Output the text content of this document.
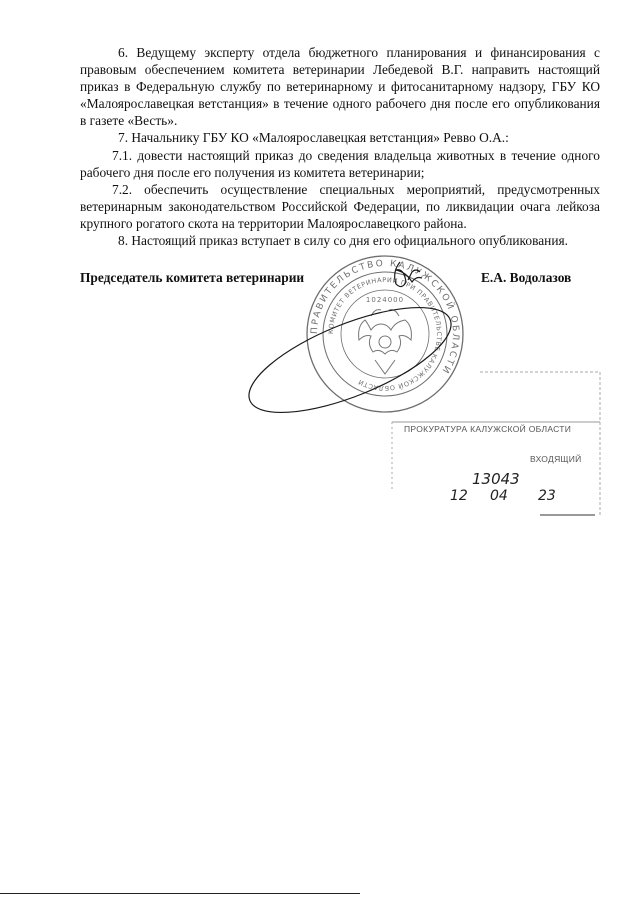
6. Ведущему эксперту отдела бюджетного планирования и финансирования с правовым обеспечением комитета ветеринарии Лебедевой В.Г. направить настоящий приказ в Федеральную службу по ветеринарному и фитосанитарному надзору, ГБУ КО «Малоярославецкая ветстанция» в течение одного рабочего дня после его опубликования в газете «Весть».

7. Начальнику ГБУ КО «Малоярославецкая ветстанция» Ревво О.А.:

7.1. довести настоящий приказ до сведения владельца животных в течение одного рабочего дня после его получения из комитета ветеринарии;

7.2. обеспечить осуществление специальных мероприятий, предусмотренных ветеринарным законодательством Российской Федерации, по ликвидации очага лейкоза крупного рогатого скота на территории Малоярославецкого района.

8. Настоящий приказ вступает в силу со дня его официального опубликования.

Председатель комитета ветеринарии	Е.А. Водолазов
ПРАВИТЕЛЬСТВО КАЛУЖСКОЙ ОБЛАСТИ
КОМИТЕТ ВЕТЕРИНАРИИ ПРИ ПРАВИТЕЛЬСТВЕ КАЛУЖСКОЙ ОБЛАСТИ
1024000
ПРОКУРАТУРА КАЛУЖСКОЙ ОБЛАСТИ
ВХОДЯЩИЙ
13043
12 04 23
